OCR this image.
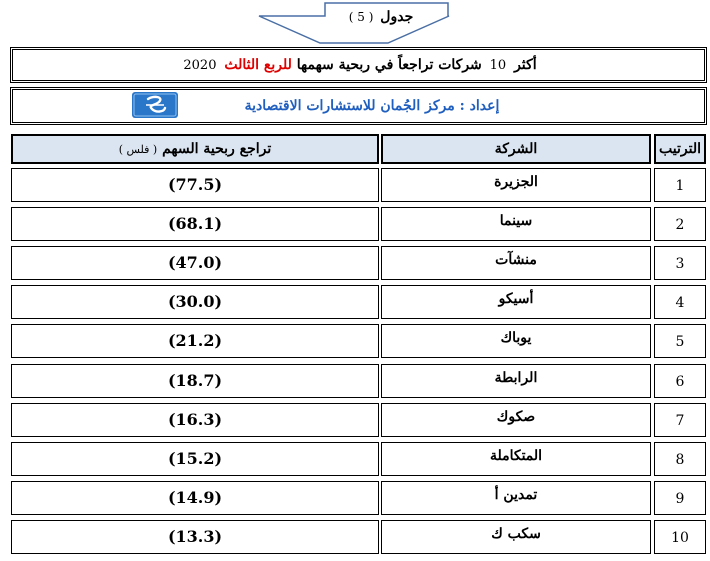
جدول ( 5 )
أكثر 10 شركات تراجعاً في ربحية سهمها للربع الثالث 2020
إعداد : مركز الجُمان للاستشارات الاقتصادية
تراجع ربحية السهم ( فلس )	الشركة	الترتيب
(77.5)	الجزيرة	1
(68.1)	سينما	2
(47.0)	منشآت	3
(30.0)	أسيكو	4
(21.2)	يوباك	5
(18.7)	الرابطة	6
(16.3)	صكوك	7
(15.2)	المتكاملة	8
(14.9)	تمدين أ	9
(13.3)	سكب ك	10
